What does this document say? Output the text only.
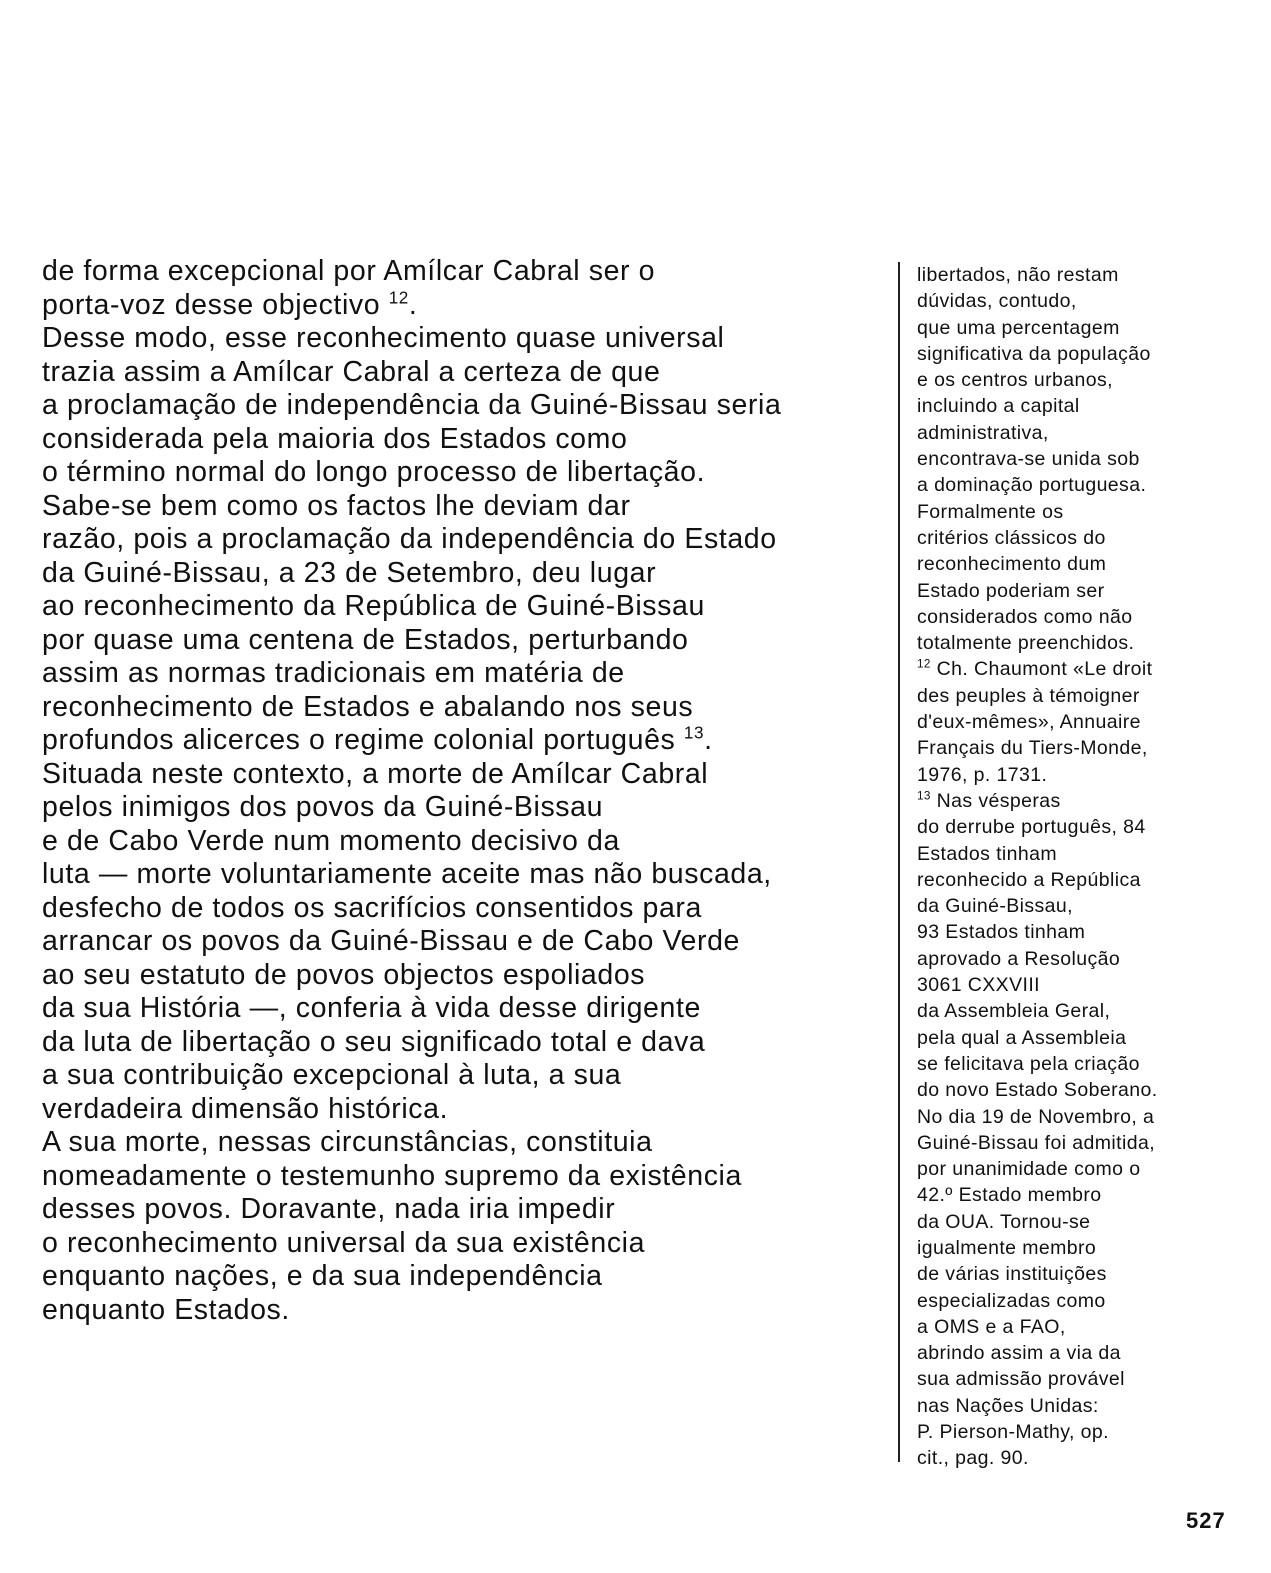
de forma excepcional por Amílcar Cabral ser o
porta-voz desse objectivo $^{12}$.
Desse modo, esse reconhecimento quase universal
trazia assim a Amílcar Cabral a certeza de que
a proclamação de independência da Guiné-Bissau seria
considerada pela maioria dos Estados como
o término normal do longo processo de libertação.
Sabe-se bem como os factos lhe deviam dar
razão, pois a proclamação da independência do Estado
da Guiné-Bissau, a 23 de Setembro, deu lugar
ao reconhecimento da República de Guiné-Bissau
por quase uma centena de Estados, perturbando
assim as normas tradicionais em matéria de
reconhecimento de Estados e abalando nos seus
profundos alicerces o regime colonial português $^{13}$.
Situada neste contexto, a morte de Amílcar Cabral
pelos inimigos dos povos da Guiné-Bissau
e de Cabo Verde num momento decisivo da
luta — morte voluntariamente aceite mas não buscada,
desfecho de todos os sacrifícios consentidos para
arrancar os povos da Guiné-Bissau e de Cabo Verde
ao seu estatuto de povos objectos espoliados
da sua História —, conferia à vida desse dirigente
da luta de libertação o seu significado total e dava
a sua contribuição excepcional à luta, a sua
verdadeira dimensão histórica.
A sua morte, nessas circunstâncias, constituia
nomeadamente o testemunho supremo da existência
desses povos. Doravante, nada iria impedir
o reconhecimento universal da sua existência
enquanto nações, e da sua independência
enquanto Estados.
libertados, não restam
dúvidas, contudo,
que uma percentagem
significativa da população
e os centros urbanos,
incluindo a capital
administrativa,
encontrava-se unida sob
a dominação portuguesa.
Formalmente os
critérios clássicos do
reconhecimento dum
Estado poderiam ser
considerados como não
totalmente preenchidos.
$^{12}$ Ch. Chaumont «Le droit
des peuples à témoigner
d'eux-mêmes», Annuaire
Français du Tiers-Monde,
1976, p. 1731.
$^{13}$ Nas vésperas
do derrube português, 84
Estados tinham
reconhecido a República
da Guiné-Bissau,
93 Estados tinham
aprovado a Resolução
3061 CXXVIII
da Assembleia Geral,
pela qual a Assembleia
se felicitava pela criação
do novo Estado Soberano.
No dia 19 de Novembro, a
Guiné-Bissau foi admitida,
por unanimidade como o
42.º Estado membro
da OUA. Tornou-se
igualmente membro
de várias instituições
especializadas como
a OMS e a FAO,
abrindo assim a via da
sua admissão provável
nas Nações Unidas:
P. Pierson-Mathy, op.
cit., pag. 90.
527
